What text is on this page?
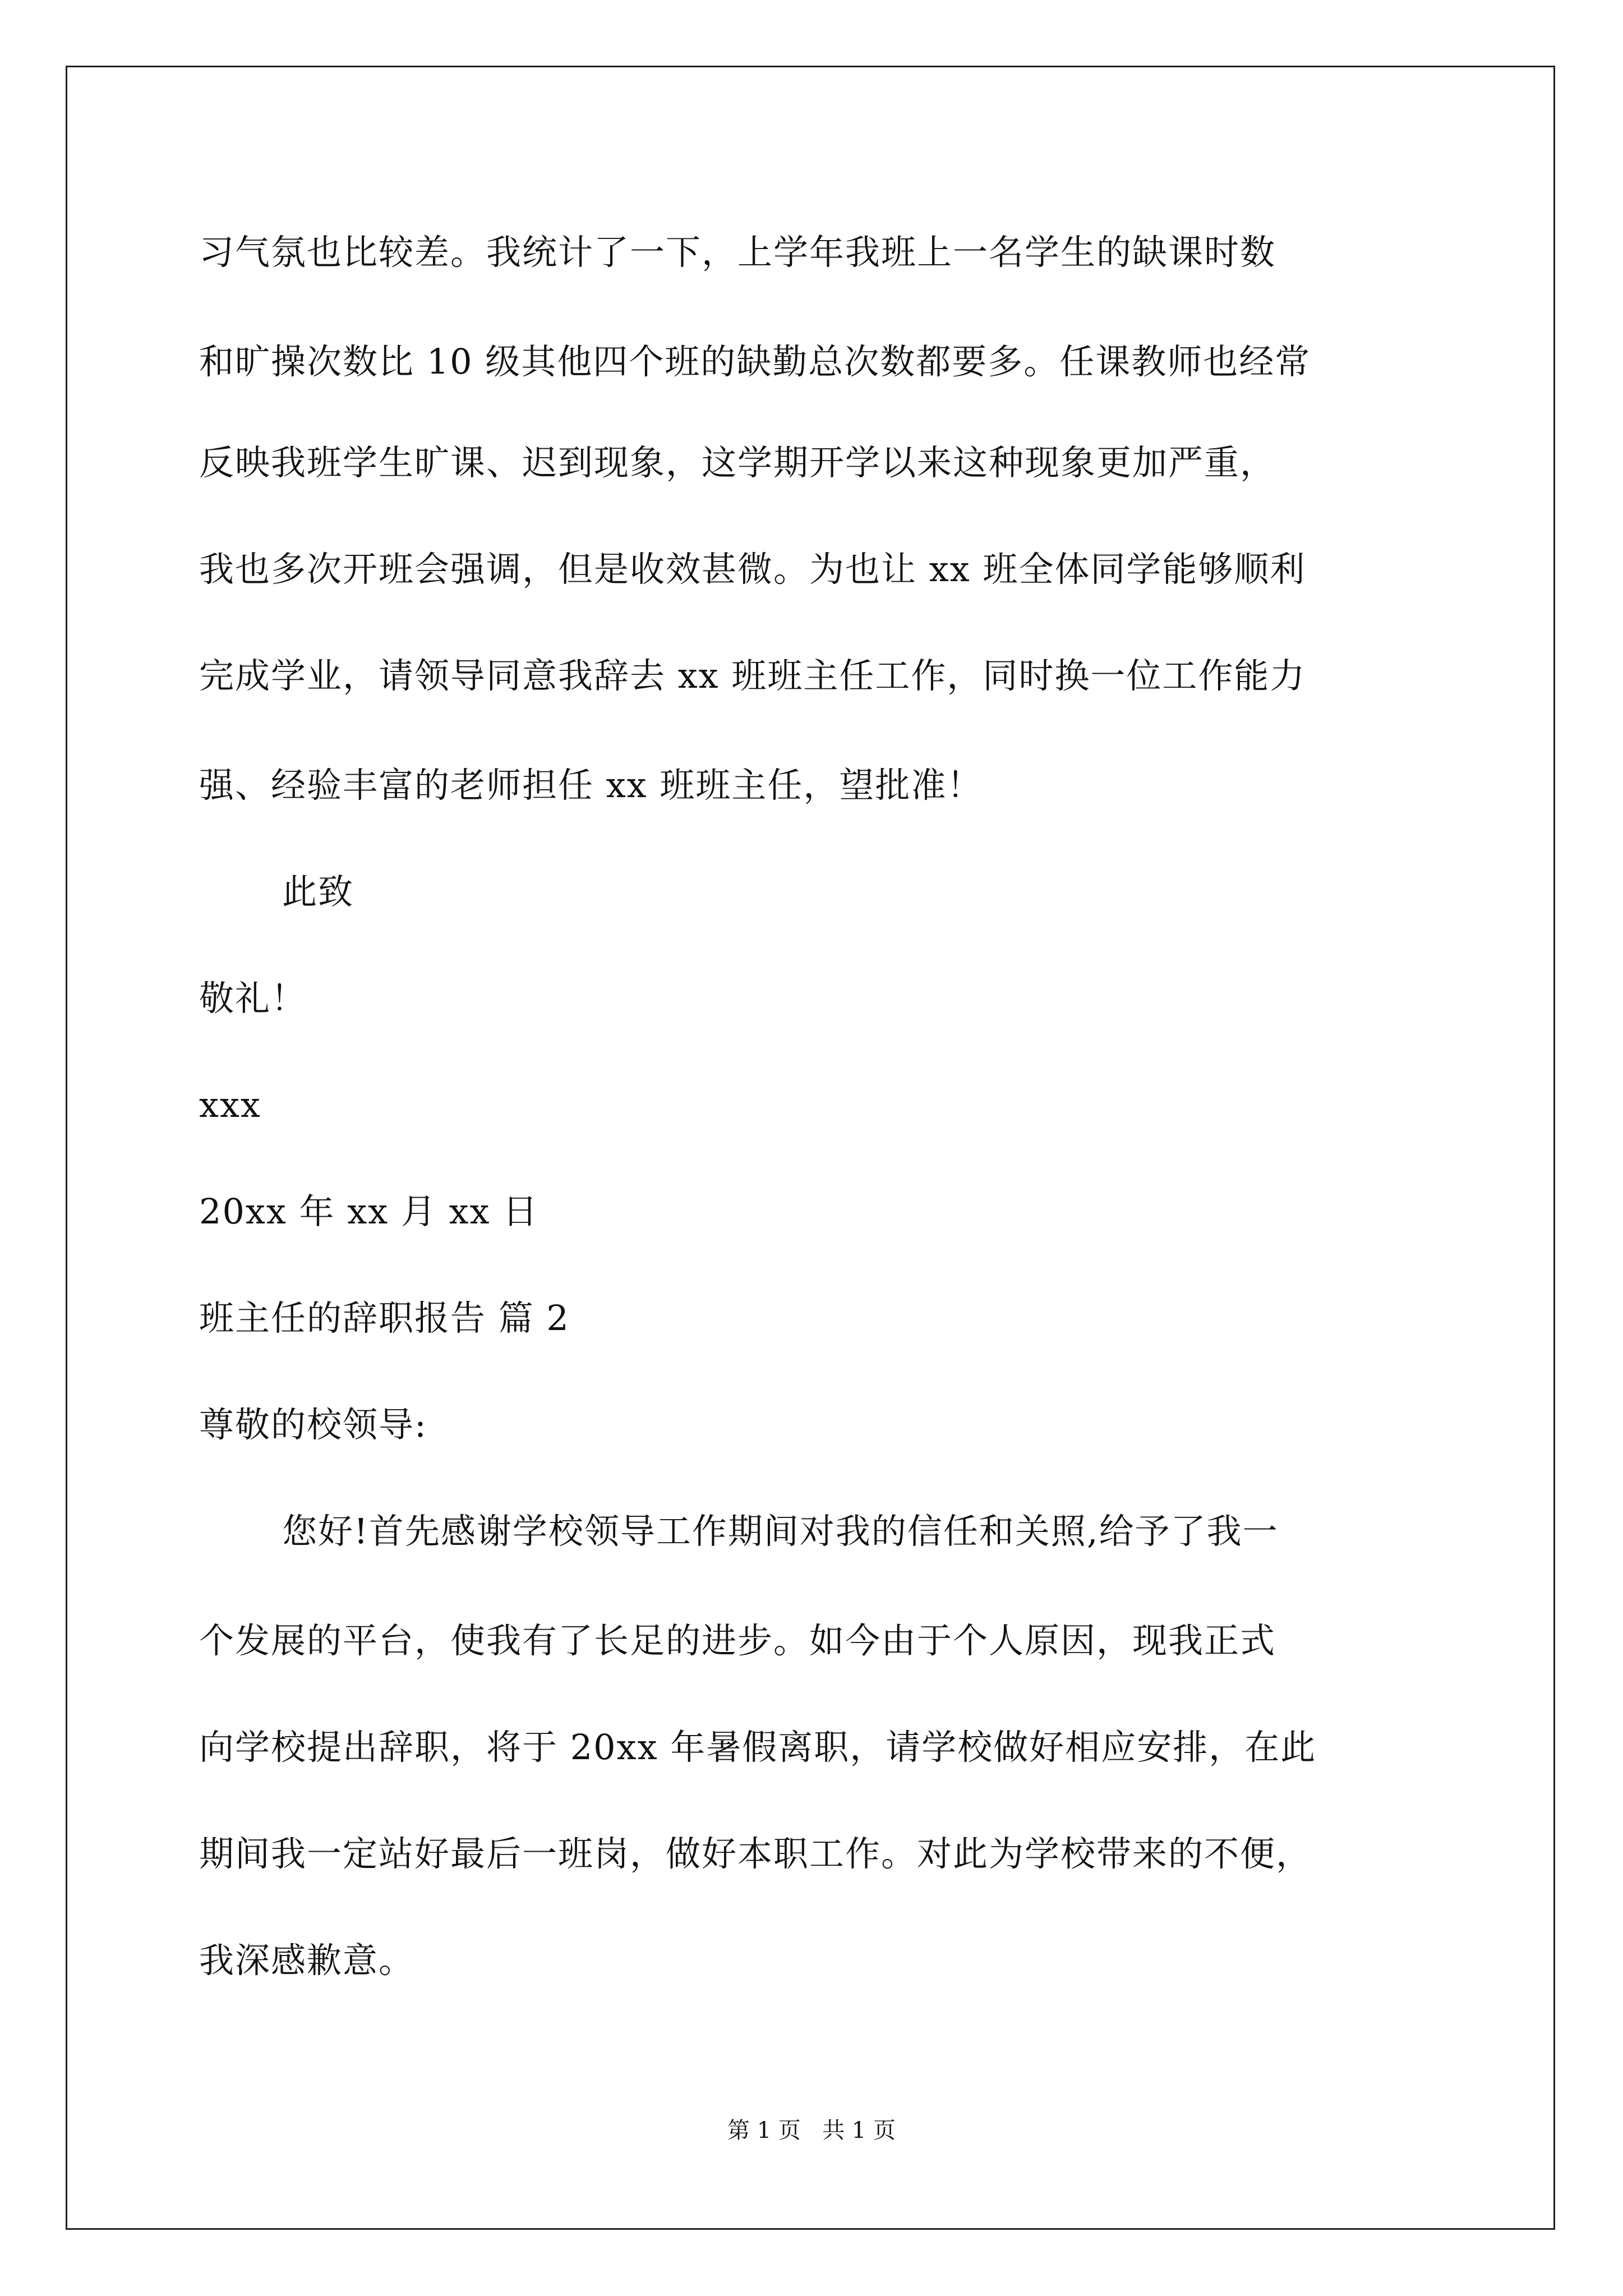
习气氛也比较差。我统计了一下，上学年我班上一名学生的缺课时数
和旷操次数比 10 级其他四个班的缺勤总次数都要多。任课教师也经常
反映我班学生旷课、迟到现象，这学期开学以来这种现象更加严重，
我也多次开班会强调，但是收效甚微。为也让 xx 班全体同学能够顺利
完成学业，请领导同意我辞去 xx 班班主任工作，同时换一位工作能力
强、经验丰富的老师担任 xx 班班主任，望批准！
此致
敬礼！
xxx
20xx 年 xx 月 xx 日
班主任的辞职报告 篇 2
尊敬的校领导:
您好!首先感谢学校领导工作期间对我的信任和关照,给予了我一
个发展的平台，使我有了长足的进步。如今由于个人原因，现我正式
向学校提出辞职，将于 20xx 年暑假离职，请学校做好相应安排，在此
期间我一定站好最后一班岗，做好本职工作。对此为学校带来的不便，
我深感歉意。
第 1 页   共 1 页
